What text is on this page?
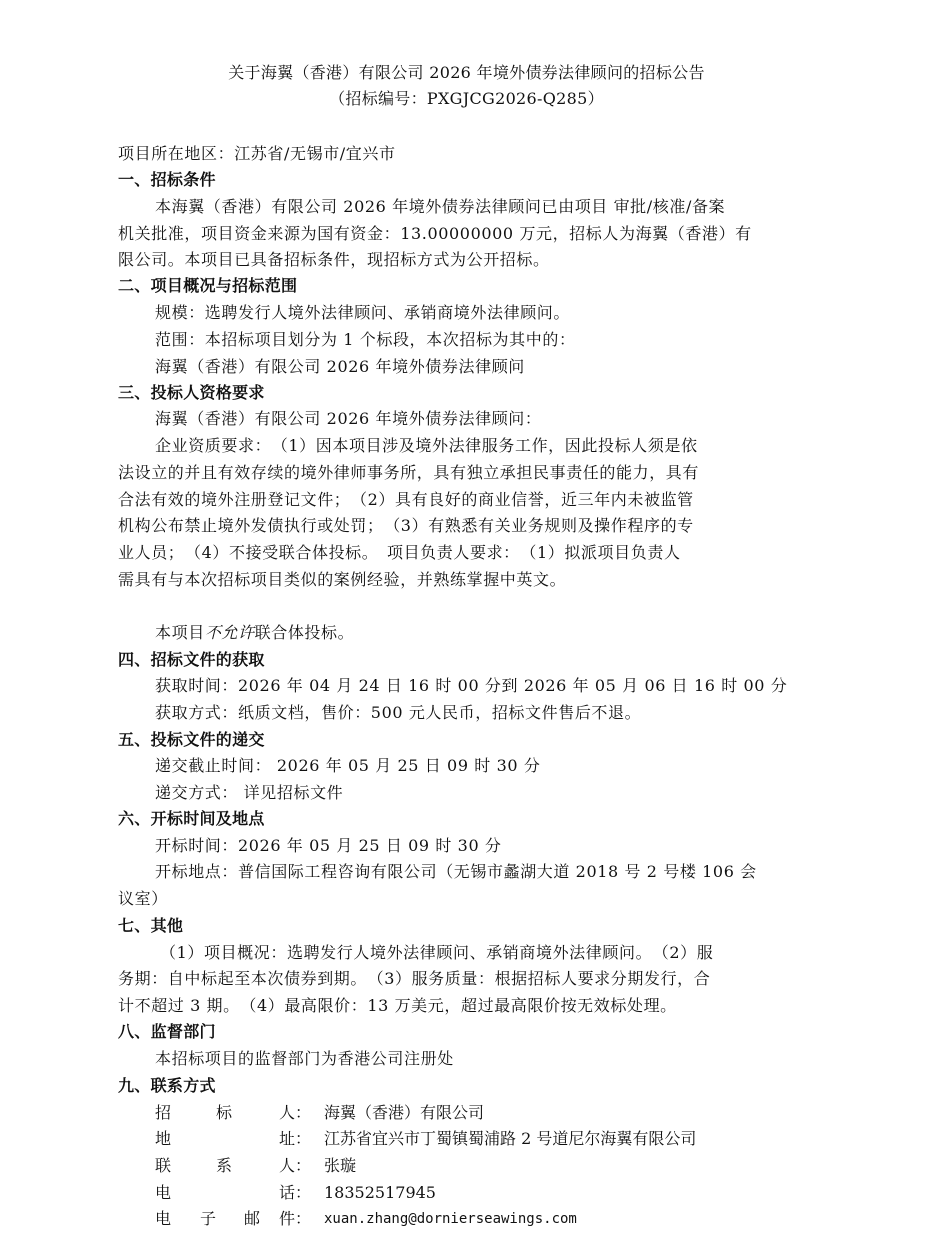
关于海翼（香港）有限公司 2026 年境外债券法律顾问的招标公告
（招标编号：PXGJCG2026-Q285）
项目所在地区：江苏省/无锡市/宜兴市
一、招标条件
本海翼（香港）有限公司 2026 年境外债券法律顾问已由项目 审批/核准/备案
机关批准，项目资金来源为国有资金：13.00000000 万元，招标人为海翼（香港）有
限公司。本项目已具备招标条件，现招标方式为公开招标。
二、项目概况与招标范围
规模：选聘发行人境外法律顾问、承销商境外法律顾问。
范围：本招标项目划分为 1 个标段，本次招标为其中的：
海翼（香港）有限公司 2026 年境外债券法律顾问
三、投标人资格要求
海翼（香港）有限公司 2026 年境外债券法律顾问：
企业资质要求：　（1）因本项目涉及境外法律服务工作，因此投标人须是依
法设立的并且有效存续的境外律师事务所，具有独立承担民事责任的能力，具有
合法有效的境外注册登记文件；　（2）具有良好的商业信誉，近三年内未被监管
机构公布禁止境外发债执行或处罚；　（3）有熟悉有关业务规则及操作程序的专
业人员；　（4）不接受联合体投标。　项目负责人要求：　（1）拟派项目负责人
需具有与本次招标项目类似的案例经验，并熟练掌握中英文。
本项目不允许联合体投标。
四、招标文件的获取
获取时间：2026 年 04 月 24 日 16 时 00 分到 2026 年 05 月 06 日 16 时 00 分
获取方式：纸质文档，售价：500 元人民币，招标文件售后不退。
五、投标文件的递交
递交截止时间： 2026 年 05 月 25 日 09 时 30 分
递交方式： 详见招标文件
六、开标时间及地点
开标时间：2026 年 05 月 25 日 09 时 30 分
开标地点：普信国际工程咨询有限公司（无锡市蠡湖大道 2018 号 2 号楼 106 会
议室）
七、其他
（1）项目概况：选聘发行人境外法律顾问、承销商境外法律顾问。　（2）服
务期：自中标起至本次债券到期。　（3）服务质量：根据招标人要求分期发行，合
计不超过 3 期。　（4）最高限价：13 万美元，超过最高限价按无效标处理。
八、监督部门
本招标项目的监督部门为香港公司注册处
九、联系方式
招	标	人： 海翼（香港）有限公司
地	址： 江苏省宜兴市丁蜀镇蜀浦路 2 号道尼尔海翼有限公司
联	系	人： 张璇
电	话： 18352517945
电 子 邮 件： xuan.zhang@dornierseawings.com
